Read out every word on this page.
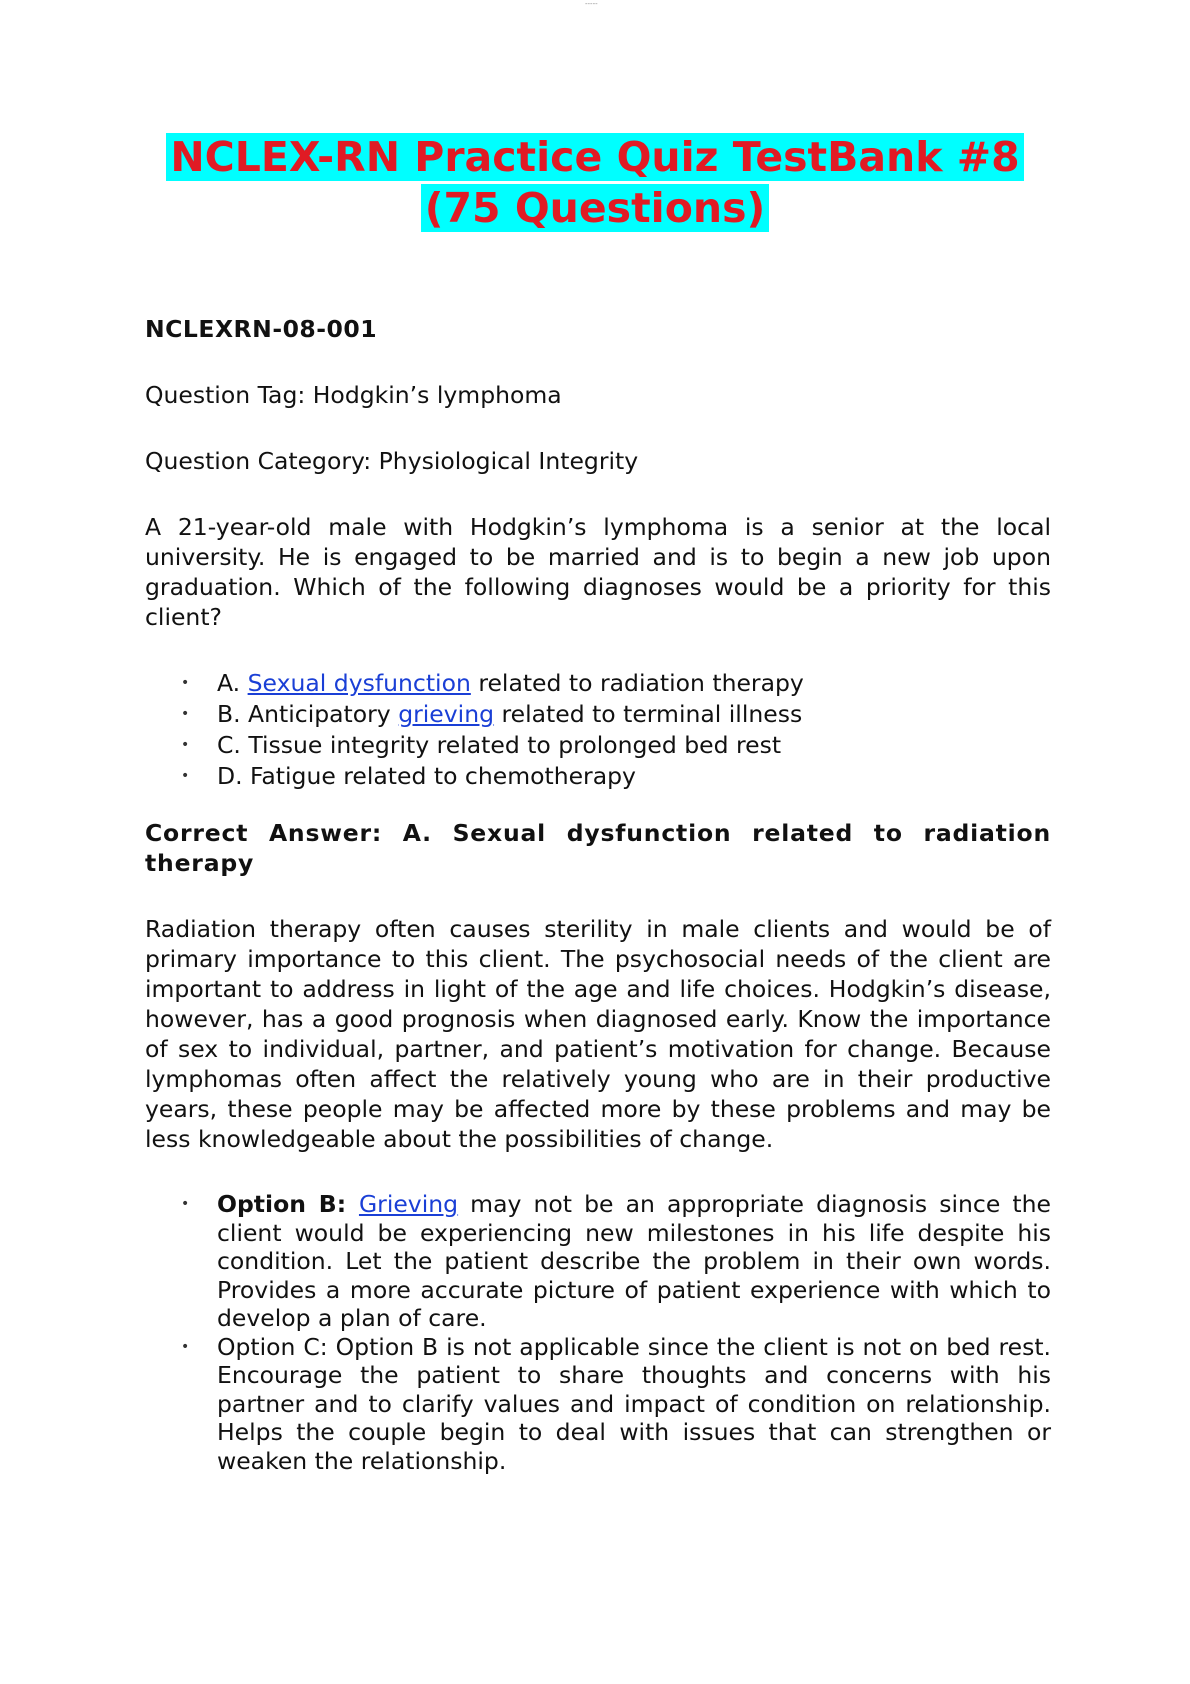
-----
NCLEX-RN Practice Quiz TestBank #8
(75 Questions)

NCLEXRN-08-001

Question Tag: Hodgkin’s lymphoma

Question Category: Physiological Integrity

A 21-year-old male with Hodgkin’s lymphoma is a senior at the local university. He is engaged to be married and is to begin a new job upon graduation. Which of the following diagnoses would be a priority for this client?

• A. Sexual dysfunction related to radiation therapy
• B. Anticipatory grieving related to terminal illness
• C. Tissue integrity related to prolonged bed rest
• D. Fatigue related to chemotherapy

Correct Answer: A. Sexual dysfunction related to radiation therapy

Radiation therapy often causes sterility in male clients and would be of primary importance to this client. The psychosocial needs of the client are important to address in light of the age and life choices. Hodgkin’s disease, however, has a good prognosis when diagnosed early. Know the importance of sex to individual, partner, and patient’s motivation for change. Because lymphomas often affect the relatively young who are in their productive years, these people may be affected more by these problems and may be less knowledgeable about the possibilities of change.

• Option B: Grieving may not be an appropriate diagnosis since the client would be experiencing new milestones in his life despite his condition. Let the patient describe the problem in their own words. Provides a more accurate picture of patient experience with which to develop a plan of care.
• Option C: Option B is not applicable since the client is not on bed rest. Encourage the patient to share thoughts and concerns with his partner and to clarify values and impact of condition on relationship. Helps the couple begin to deal with issues that can strengthen or weaken the relationship.
